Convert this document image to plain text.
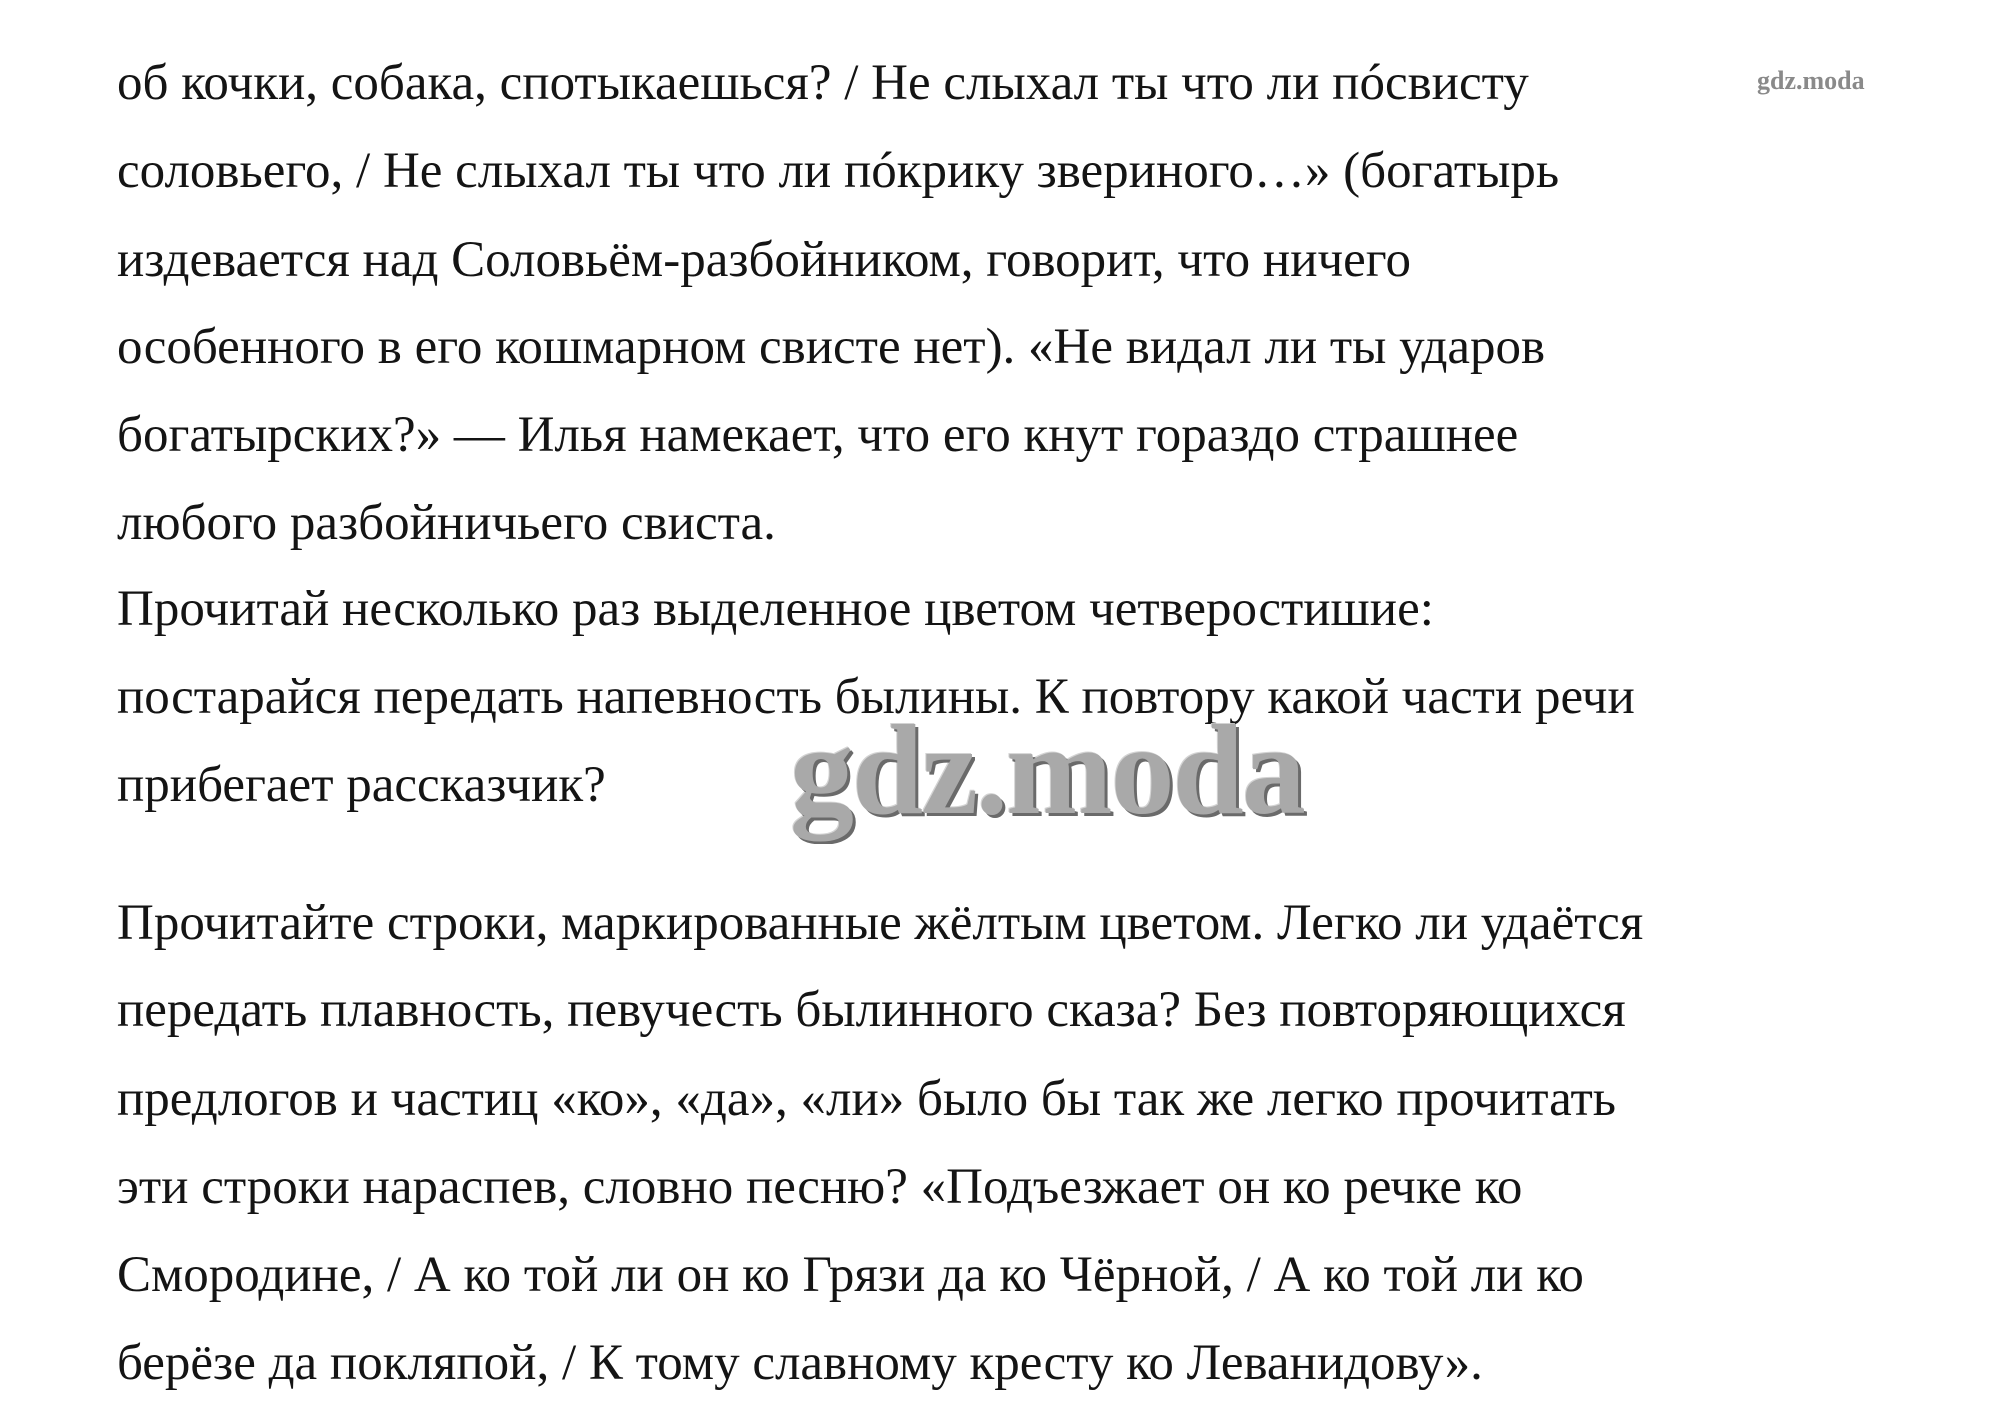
об кочки, собака, спотыкаешься? / Не слыхал ты что ли пóсвисту

соловьего, / Не слыхал ты что ли пóкрику звериного…» (богатырь

издевается над Соловьём-разбойником, говорит, что ничего

особенного в его кошмарном свисте нет). «Не видал ли ты ударов

богатырских?» — Илья намекает, что его кнут гораздо страшнее

любого разбойничьего свиста.

Прочитай несколько раз выделенное цветом четверостишие:

постарайся передать напевность былины. К повтору какой части речи

прибегает рассказчик?

Прочитайте строки, маркированные жёлтым цветом. Легко ли удаётся

передать плавность, певучесть былинного сказа? Без повторяющихся

предлогов и частиц «ко», «да», «ли» было бы так же легко прочитать

эти строки нараспев, словно песню? «Подъезжает он ко речке ко

Смородине, / А ко той ли он ко Грязи да ко Чёрной, / А ко той ли ко

берёзе да покляпой, / К тому славному кресту ко Леванидову».

gdz.moda
gdz.moda
